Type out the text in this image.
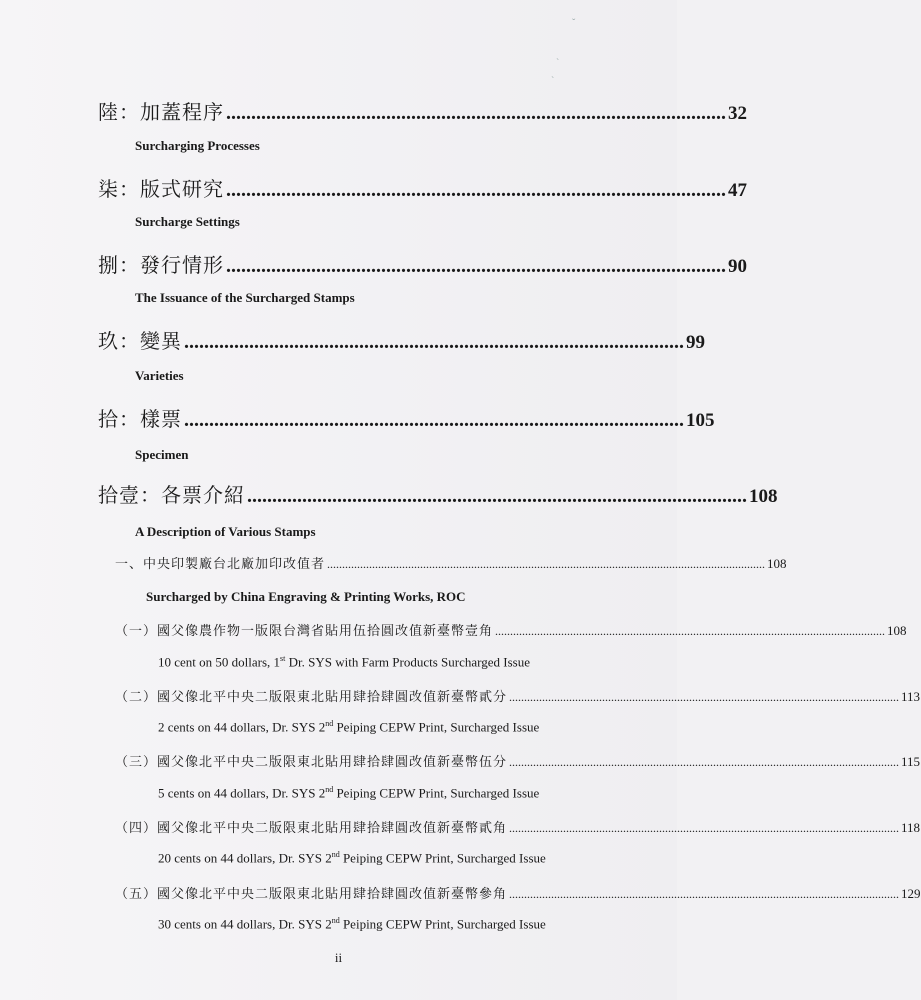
ˇ
ˋ
ˋ
陸：加蓋程序 .................................................................................................... 32
Surcharging Processes
柒：版式研究 .................................................................................................... 47
Surcharge Settings
捌：發行情形 .................................................................................................... 90
The Issuance of the Surcharged Stamps
玖：變異 .................................................................................................... 99
Varieties
拾：樣票 .................................................................................................... 105
Specimen
拾壹：各票介紹 .................................................................................................... 108
A Description of Various Stamps
一、中央印製廠台北廠加印改值者 .................................................................................................................................................. 108
Surcharged by China Engraving & Printing Works, ROC
（一）國父像農作物一版限台灣省貼用伍拾圓改值新臺幣壹角 .................................................................................................................................. 108
10 cent on 50 dollars, 1st Dr. SYS with Farm Products Surcharged Issue
（二）國父像北平中央二版限東北貼用肆拾肆圓改值新臺幣貳分 .................................................................................................................................. 113
2 cents on 44 dollars, Dr. SYS 2nd Peiping CEPW Print, Surcharged Issue
（三）國父像北平中央二版限東北貼用肆拾肆圓改值新臺幣伍分 .................................................................................................................................. 115
5 cents on 44 dollars, Dr. SYS 2nd Peiping CEPW Print, Surcharged Issue
（四）國父像北平中央二版限東北貼用肆拾肆圓改值新臺幣貳角 .................................................................................................................................. 118
20 cents on 44 dollars, Dr. SYS 2nd Peiping CEPW Print, Surcharged Issue
（五）國父像北平中央二版限東北貼用肆拾肆圓改值新臺幣參角 .................................................................................................................................. 129
30 cents on 44 dollars, Dr. SYS 2nd Peiping CEPW Print, Surcharged Issue
ii
